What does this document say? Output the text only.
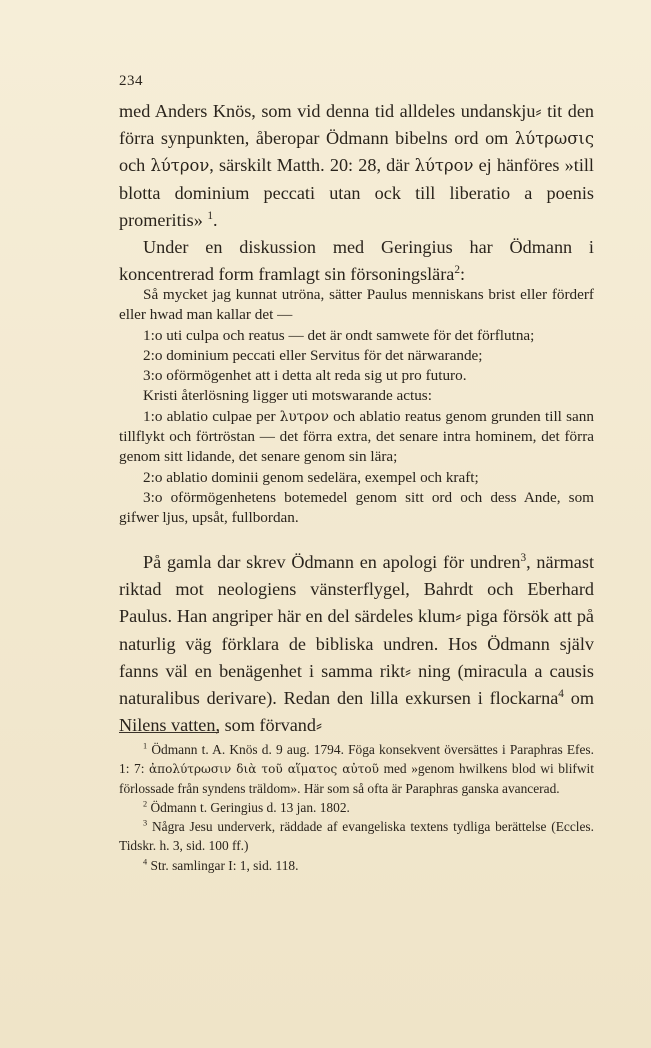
234

med Anders Knös, som vid denna tid alldeles undanskju⸗ tit den förra synpunkten, åberopar Ödmann bibelns ord om λύτρωσις och λύτρον, särskilt Matth. 20: 28, där λύτρον ej hänföres »till blotta dominium peccati utan ock till liberatio a poenis promeritis» $^1$.

Under en diskussion med Geringius har Ödmann i koncentrerad form framlagt sin försoningslära$^2$:

Så mycket jag kunnat utröna, sätter Paulus menniskans brist eller förderf eller hwad man kallar det —

1:o uti culpa och reatus — det är ondt samwete för det förflutna;

2:o dominium peccati eller Servitus för det närwarande;

3:o oförmögenhet att i detta alt reda sig ut pro futuro.

Kristi återlösning ligger uti motswarande actus:

1:o ablatio culpae per λυτρον och ablatio reatus genom grunden till sann tillflykt och förtröstan — det förra extra, det senare intra hominem, det förra genom sitt lidande, det senare genom sin lära;

2:o ablatio dominii genom sedelära, exempel och kraft;

3:o oförmögenhetens botemedel genom sitt ord och dess Ande, som gifwer ljus, upsåt, fullbordan.

På gamla dar skrev Ödmann en apologi för undren$^3$, närmast riktad mot neologiens vänsterflygel, Bahrdt och Eberhard Paulus. Han angriper här en del särdeles klum⸗ piga försök att på naturlig väg förklara de bibliska undren. Hos Ödmann själv fanns väl en benägenhet i samma rikt⸗ ning (miracula a causis naturalibus derivare). Redan den lilla exkursen i flockarna$^4$ om Nilens vatten, som förvand⸗

$^1$ Ödmann t. A. Knös d. 9 aug. 1794. Föga konsekvent översättes i Paraphras Efes. 1: 7: ἀπολύτρωσιν διὰ τοῦ αἵματος αὐτοῦ med »genom hwilkens blod wi blifwit förlossade från syndens träldom». Här som så ofta är Paraphras ganska avancerad.

$^2$ Ödmann t. Geringius d. 13 jan. 1802.

$^3$ Några Jesu underverk, räddade af evangeliska textens tydliga berättelse (Eccles. Tidskr. h. 3, sid. 100 ff.)

$^4$ Str. samlingar I: 1, sid. 118.
